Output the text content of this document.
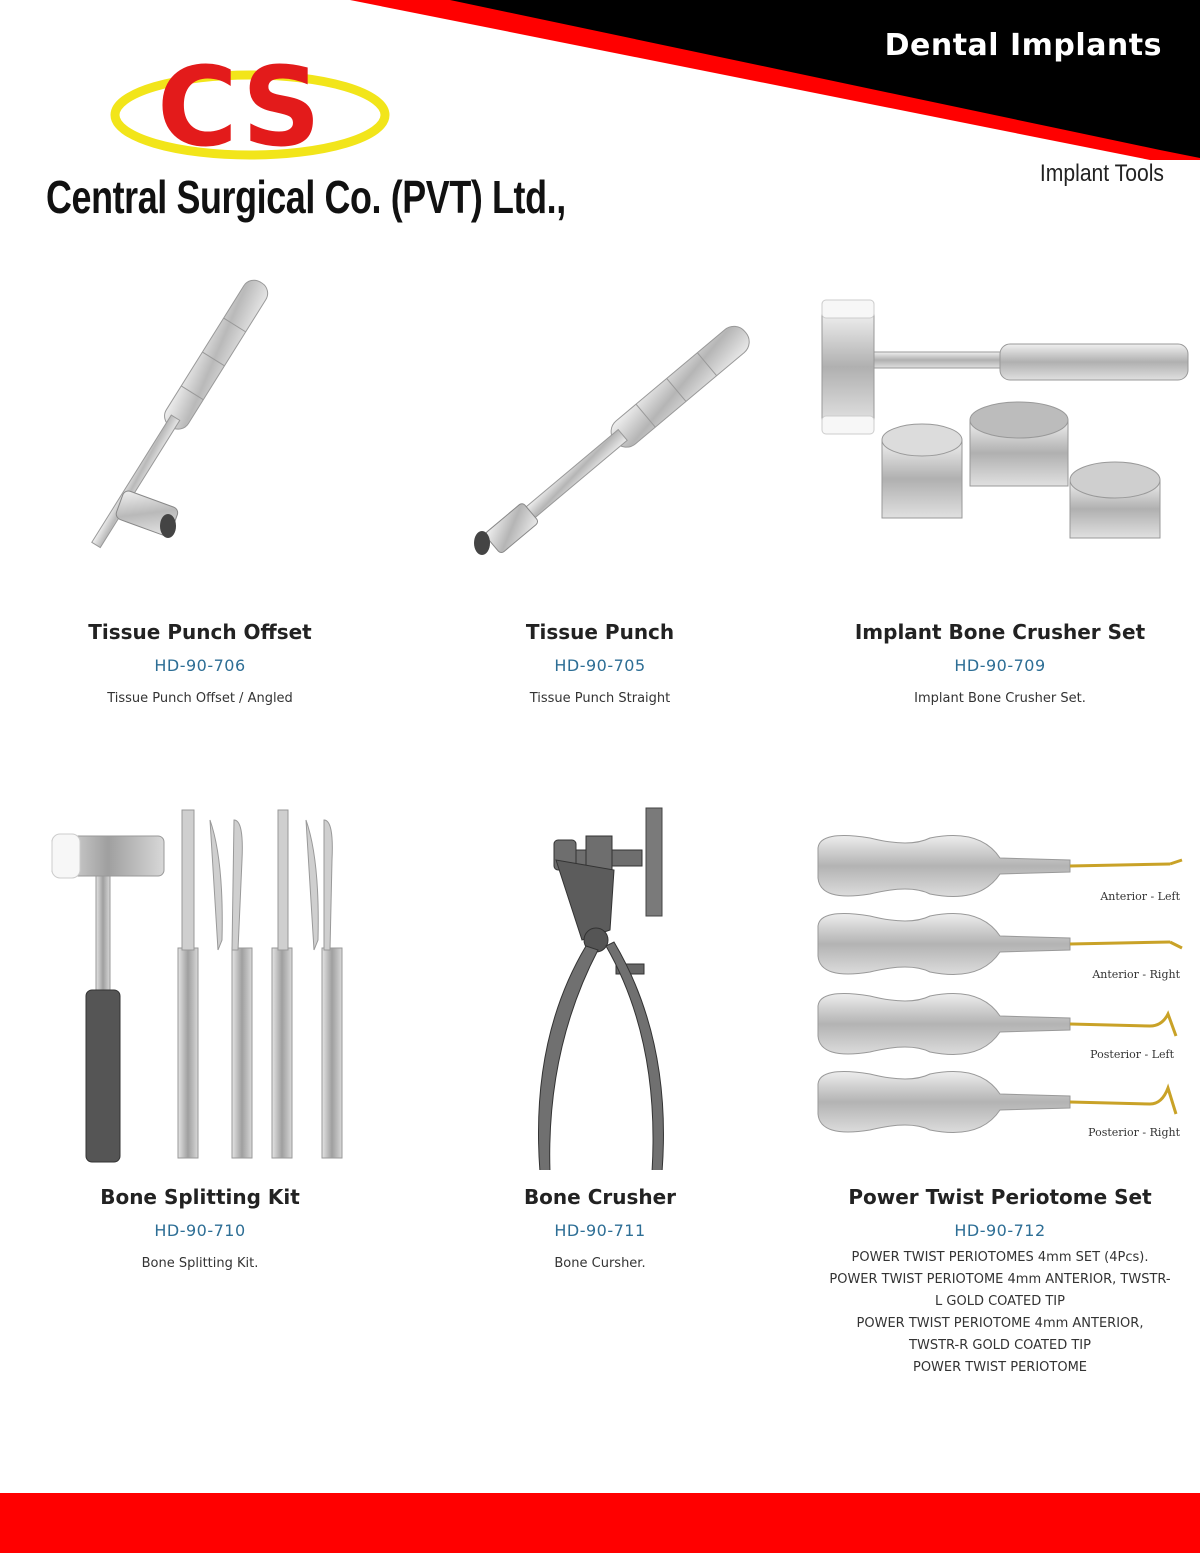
Dental Implants
CS
Central Surgical Co. (PVT) Ltd.,	Implant Tools
Tissue Punch Offset
HD-90-706
Tissue Punch Offset / Angled
Tissue Punch
HD-90-705
Tissue Punch Straight
Implant Bone Crusher Set
HD-90-709
Implant Bone Crusher Set.
Bone Splitting Kit
HD-90-710
Bone Splitting Kit.
Bone Crusher
HD-90-711
Bone Cursher.
Anterior - Left
Anterior - Right
Posterior - Left
Posterior - Right
Power Twist Periotome Set
HD-90-712
POWER TWIST PERIOTOMES 4mm SET (4Pcs).
POWER TWIST PERIOTOME 4mm ANTERIOR, TWSTR-
L GOLD COATED TIP
POWER TWIST PERIOTOME 4mm ANTERIOR,
TWSTR-R GOLD COATED TIP
POWER TWIST PERIOTOME
